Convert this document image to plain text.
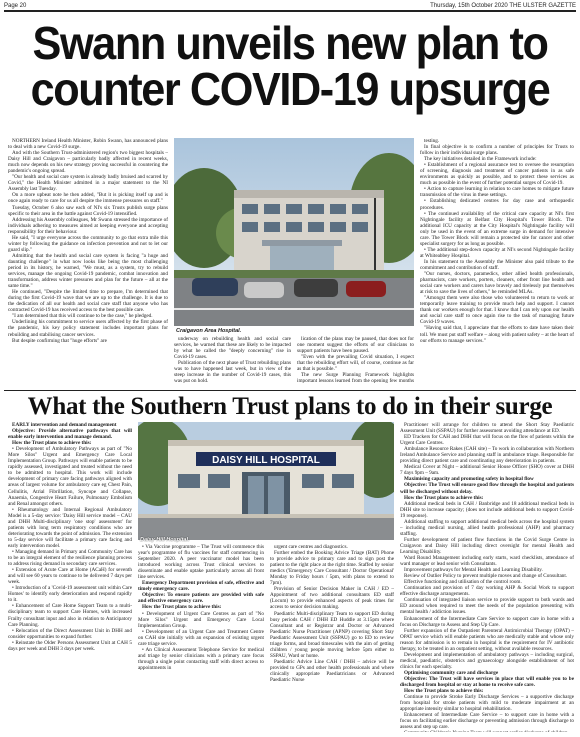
Page 20	Thursday, 15th October 2020 THE ULSTER GAZETTE
Swann unveils new plan to counter COVID-19 upsurge

NORTHERN Ireland Health Minister, Robin Swann, has announced plans to deal with a new Covid-19 surge.

And with the Southern Trust-administered region's two biggest hospitals – Daisy Hill and Craigavon – particularly badly affected in recent weeks, much now depends on his new strategy proving successful in countering the pandemic's ongoing spread.

"Our health and social care system is already badly bruised and scarred by Covid," the Health Minister admitted in a major statement to the NI Assembly last Tuesday.

On a more upbeat note he then added, "But it is picking itself up and is once again ready to care for us all despite the immense pressures on staff."

Tuesday, October 6 also saw each of NI's six Trusts publish surge plans specific to their area in the battle against Covid-19 intensified.

Addressing his Assembly colleagues, Mr Swann stressed the importance of individuals adhering to measures aimed at keeping everyone and accepting responsibility for their behaviour.

He said, "I urge everyone across the community to go that extra mile this winter by following the guidance on infection prevention and not to let our guard slip."

Admitting that the health and social care system is facing "a huge and daunting challenge" in what now looks like being the most challenging period in its history, he warned, "We must, as a system, try to rebuild services, manage the ongoing Covid-19 pandemic, combat innovation and transformation, address winter pressures and plan for the future – all at the same time."

He continued, "Despite the limited time to prepare, I'm determined that during the first Covid-19 wave that we are up to the challenge. It is due to the dedication of all our health and social care staff that anyone who has contracted Covid-19 has received access to the best possible care.

"I am determined that this will continue to be the case," he pledged.

Underlining his commitment to service users affected by the first phase of the pandemic, his key policy statement includes important plans for rebuilding and stabilising cancer services.

But despite confirming that "huge efforts" are

Craigavon Area Hospital.

underway on rebuilding health and social care services, he warned that these are likely to be impacted by what he called the "deeply concerning" rise in Covid-19 cases.

Publication of the next phase of Trust rebuilding plans was to have happened last week, but in view of the steep increase in the number of Covid-19 cases, this was put on hold.

lication of the plans may be paused, that does not for one moment suggest the efforts of our clinicians to support patients have been paused.

"Even with the prevailing Covid situation, I expect that the rebuilding effort will, of course, continue as far as that is possible."

The new Surge Planning Framework highlights important lessons learned from the opening few months

testing.

In final objective is to confirm a number of principles for Trusts to follow in their individual surge plans.

The key initiatives detailed in the Framework include:

• Establishment of a regional assurance test to oversee the resumption of screening, diagnosis and treatment of cancer patients in as safe environments as quickly as possible, and to protect these services as much as possible in the event of further potential surges of Covid-19.

• Action to capture learning in relation to care homes to mitigate future transmission of the virus in these settings.

• Establishing dedicated centres for day case and orthopaedic procedures.

• The continued availability of the critical care capacity at NI's first Nightingale facility at Belfast City Hospital's Tower Block. The additional ICU capacity at the City Hospital's Nightingale facility will only be used in the event of an extreme surge in demand for intensive care. The Tower Block will remain a protected site for cancer and other specialist surgery for as long as possible.

• The additional step-down capacity at NI's second Nightingale facility at Whiteabbey Hospital.

In his statement to the Assembly the Minister also paid tribute to the commitment and contribution of staff.

"Our nurses, doctors, paramedics, other allied health professionals, pharmacists, care workers, porters, cleaners, other front line health and social care workers and carers have bravely and tirelessly put themselves at risk to save the lives of others," he reminded MLAs.

"Amongst them were also those who volunteered to return to work or temporarily leave training to provide much help and support. I cannot thank our workers enough for that. I know that I can rely upon our health and social care staff to once again rise to the task of managing future Covid-19 waves.

"Having said that, I appreciate that the efforts to date have taken their toll. We must put staff welfare – along with patient safety – at the heart of our efforts to manage services."

What the Southern Trust plans to do in their surge

EARLY intervention and demand management

Objective: Provide alternative pathways that will enable early intervention and manage demand.

How the Trust plans to achieve this:

• Development of Ambulatory Pathways as part of "No More Silos" Urgent and Emergency Care Local Implementation Group. Pathways will enable patients to be rapidly assessed, investigated and treated without the need to be admitted to hospital. This work will include development of primary care facing pathways aligned with areas of largest volume for ambulatory care eg Chest Pain, Cellulitis, Atrial Fibrillation, Syncope and Collapse, Anaemia, Congestive Heart Failure, Pulmonary Embolism and Renal amongst others.

• Rheumatology and Internal Regional Ambulatory Model is a 5-day service: 'Daisy Hill service model – CAU and DHH Multi-disciplinary 'one stop' assessment' for patients with long term respiratory conditions who are deteriorating towards the point of admission. The extension to 5-day service will facilitate a primary care facing and early intervention model.

• Managing demand in Primary and Community Care has to be an integral element of the resilience planning process to address rising demand in secondary care services.

• Extension of Acute Care at Home (ACaH) for seventh and will see 60 years to continue to be delivered 7 days per week.

• Introduction of a 'Covid-19 assessment unit within Care Homes' to identify early deterioration and respond rapidly to it.

• Enhancement of Care Home Support Team to a multi-disciplinary team to support Care Homes, with increased Frailty consultant input and also in relation to Anticipatory Care Planning.

• Relocation of the Direct Assessment Unit in DHH and consider opportunities to expand further.

• Reinstate the Older Persons Assessment Unit at CAH 5 days per week and DHH 3 days per week.

DAISY HILL HOSPITAL
Daisy Hill Hospital.

• Via Vaccine programme – The Trust will commence this year's programme of flu vaccines for staff commencing in September 2020. A peer vaccinator model has been introduced working across Trust clinical services to disseminate and enable uptake particularly across all front line services.

Emergency Department provision of safe, effective and timely emergency care.

Objective: To ensure patients are provided with safe and effective emergency care.

How the Trust plans to achieve this:

• Development of Urgent Care Centres as part of "No More Silos" Urgent and Emergency Care Local Implementation Group.

• Development of an Urgent Care and Treatment Centre on CAH site initially with an expansion of existing urgent care triage service.

• An Clinical Assessment Telephone Service for medical and triage by senior clinicians with a primary care focus through a single point contacting staff with direct access to appointments in

urgent care centres and diagnostics.

Further embed the Booking Advice Triage (BAT) Phone to provide advice to primary care and to sign post the patient to the right place at the right time. Staffed by senior medics ('Emergency Care Consultant / Doctor Operational' Monday to Friday hours / 5pm, with plans to extend to 7pm).

Provision of Senior Decision Maker in CAH / ED – Appointment of two additional consultants ED staff (Locum) to provide enhanced aspects of peak times for access to senior decision making.

Paediatric Multi-disciplinary Team to support ED during busy periods CAH / DHH ED Huddle at 3.15pm where Consultant and or Registrar and Doctor or Advanced Paediatric Nurse Practitioner (APNP) covering Short Stay Paediatric Assessment Unit (SSPAU) go to ED to review triage forms, and broad timescales with the aim of getting children / young people moving before 5pm either to SSPAU, Ward or home.

Paediatric Advice Line CAH / DHH – advice will be provided to GPs and other health professionals and where clinically appropriate Paediatricians or Advanced Paediatric Nurse

Practitioner will arrange for children to attend the Short Stay Paediatric Assessment Unit (SSPAU) for further assessment avoiding attendance at ED.

ED Trackers for CAH and DHH that will focus on the flow of patients within the Urgent Care Centres.

Ambulance Resource Rakes (CAH site) – To work in collaboration with Northern Ireland Ambulance Service and planning staff in ambulance triage. Responsible for providing direct patient care and coordinating any deterioration in patients.

Medical Cover at Night – additional Senior House Officer (SHO) cover at DHH 7 days 9pm – 9am.

Maximising capacity and promoting safety in hospital flow

Objective: The Trust will ensure good flow through the hospital and patients will be discharged without delay.

How the Trust plans to achieve this:

Additional medical beds in CAH / Banbridge and 18 additional medical beds in DHH site to increase capacity; (does not include additional beds to support Covid-19 response).

Additional staffing to support additional medical beds across the hospital system – including medical nursing, allied health professional (AHP) and pharmacy staffing.

Further development of patient flow functions in the Covid Surge Centre in Craigavon and Daisy Hill including direct oversight for mental Health and Learning Disability.

Ward Round Management including early starts, ward checklists, attendance of ward manager or lead senior with Consultants.

Improvement pathways for Mental Health and Learning Disability.

Review of Outlier Policy to prevent multiple moves and change of Consultant.

Effective functioning and utilisation of the control room.

Continuation and provision of 7 day working AHP & Social Work to support effective discharge arrangements.

Continuation of integrated liaison service to provide support to both wards and ED around when required to meet the needs of the population presenting with mental health / addiction issues.

Enhancement of the Intermediate Care Service to support care in home with a focus on Discharge to Assess and Step Up Care.

Further expansion of the Outpatient Parenteral Antimicrobial Therapy (OPAT) – OPAT service which will enable patients who are medically stable and whose only reason for admission is to remain in hospital is the requirement for IV antibiotic therapy, to be treated in an outpatient setting, without available resources.

Development and implementation of ambulatory pathways – including surgical, medical, paediatric, obstetrics and gynaecology alongside establishment of hot clinics for each specialty.

Optimising community care and discharge

Objective: The Trust will have services in place that will enable you to be discharged from hospital or stay at home to receive safe care.

How the Trust plans to achieve this:

Continue to provide Stroke Early Discharge Services – a supportive discharge from hospital for stroke patients with mild to moderate impairment at an appropriate intensity similar to hospital rehabilitation.

Enhancement of Intermediate Care Service – to support care in home with a focus on facilitating earlier discharge or preventing admission through discharge to assess and step up care.
